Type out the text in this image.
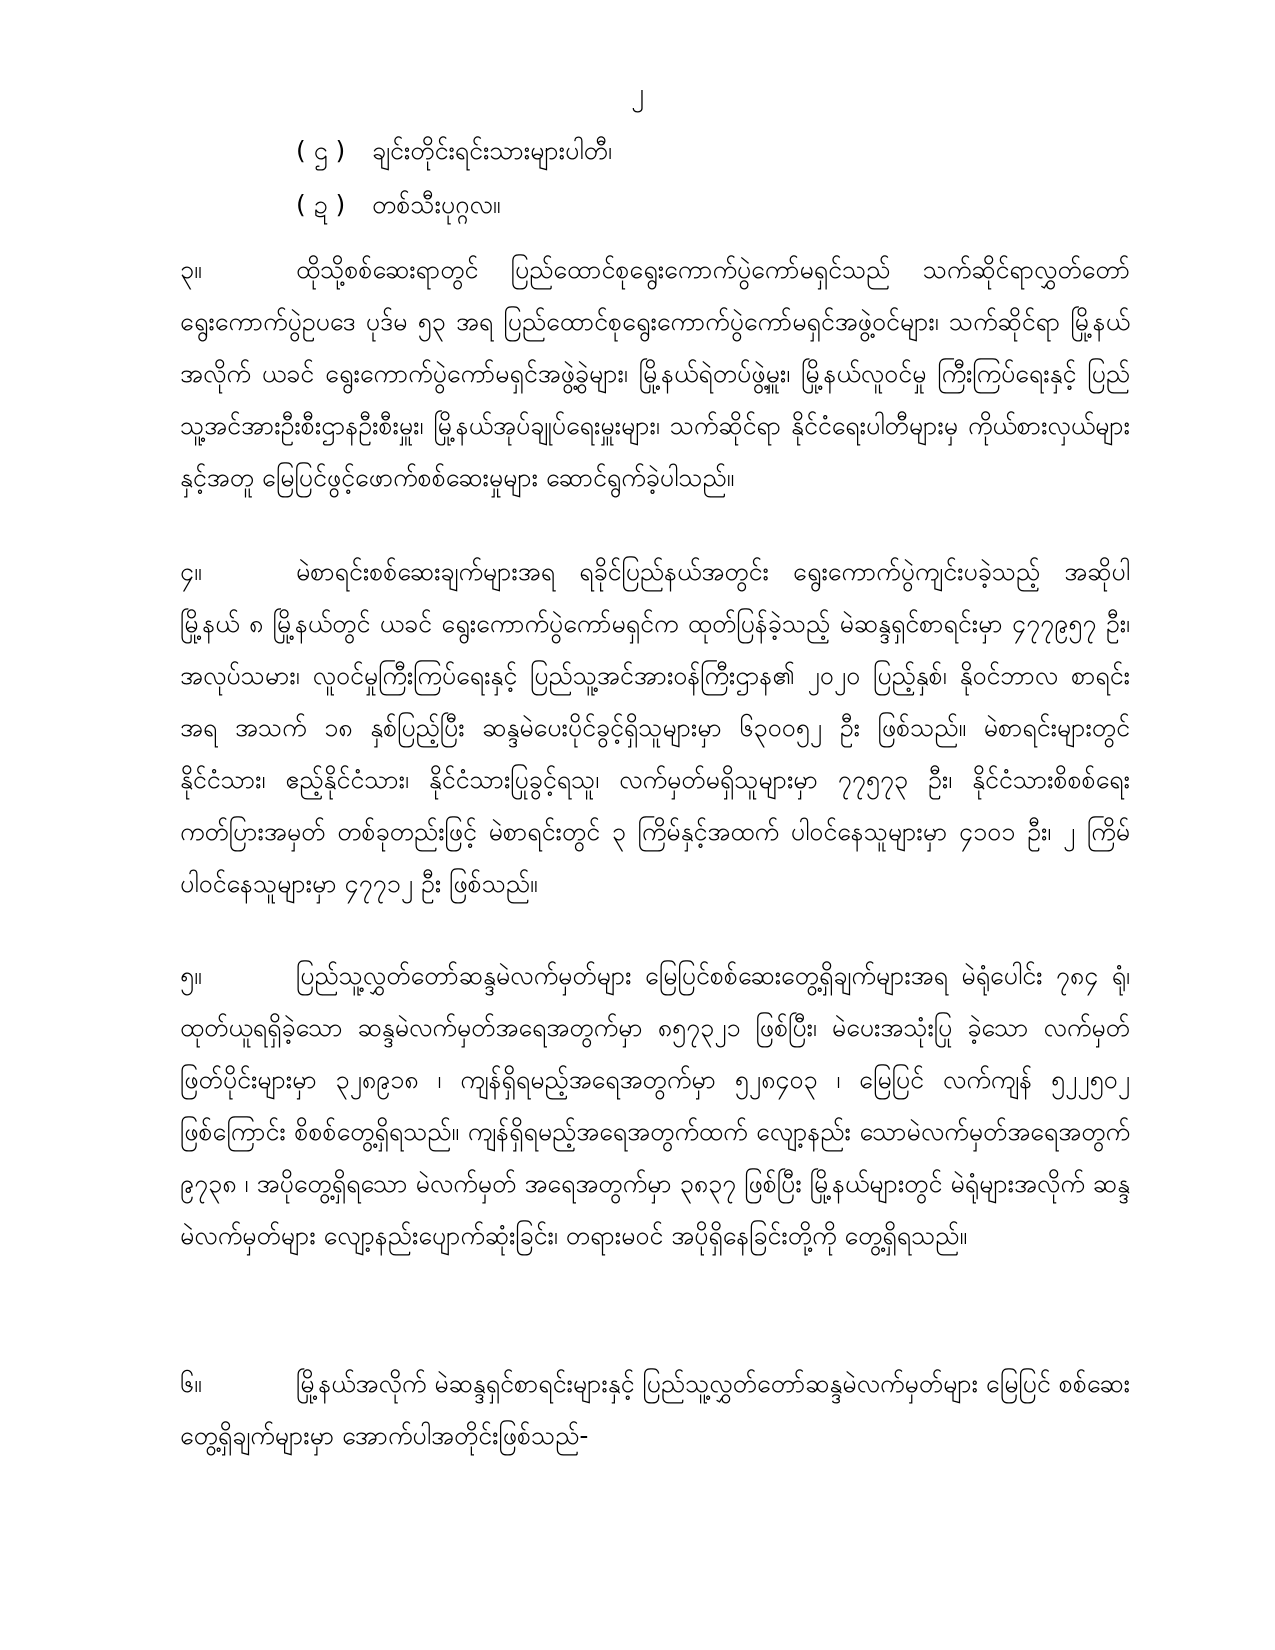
၂
( ဌ ) ချင်းတိုင်းရင်းသားများပါတီ၊
( ဍ ) တစ်သီးပုဂ္ဂလ။
၃။	ထိုသို့စစ်ဆေးရာတွင် ပြည်ထောင်စုရွေးကောက်ပွဲကော်မရှင်သည် သက်ဆိုင်ရာလွှတ်တော် ရွေးကောက်ပွဲဥပဒေ ပုဒ်မ ၅၃ အရ ပြည်ထောင်စုရွေးကောက်ပွဲကော်မရှင်အဖွဲ့ဝင်များ၊ သက်ဆိုင်ရာ မြို့နယ်အလိုက် ယခင် ရွေးကောက်ပွဲကော်မရှင်အဖွဲ့ခွဲများ၊ မြို့နယ်ရဲတပ်ဖွဲ့မှူး၊ မြို့နယ်လူဝင်မှု ကြီးကြပ်ရေးနှင့် ပြည်သူ့အင်အားဦးစီးဌာနဦးစီးမှူး၊ မြို့နယ်အုပ်ချုပ်ရေးမှူးများ၊ သက်ဆိုင်ရာ နိုင်ငံရေးပါတီများမှ ကိုယ်စားလှယ်များနှင့်အတူ မြေပြင်ဖွင့်ဖောက်စစ်ဆေးမှုများ ဆောင်ရွက်ခဲ့ပါသည်။
၄။	မဲစာရင်းစစ်ဆေးချက်များအရ ရခိုင်ပြည်နယ်အတွင်း ရွေးကောက်ပွဲကျင်းပခဲ့သည့် အဆိုပါ မြို့နယ် ၈ မြို့နယ်တွင် ယခင် ရွေးကောက်ပွဲကော်မရှင်က ထုတ်ပြန်ခဲ့သည့် မဲဆန္ဒရှင်စာရင်းမှာ ၄၇၇၉၅၇ ဦး၊ အလုပ်သမား၊ လူဝင်မှုကြီးကြပ်ရေးနှင့် ပြည်သူ့အင်အားဝန်ကြီးဌာန၏ ၂၀၂၀ ပြည့်နှစ်၊ နိုဝင်ဘာလ စာရင်းအရ အသက် ၁၈ နှစ်ပြည့်ပြီး ဆန္ဒမဲပေးပိုင်ခွင့်ရှိသူများမှာ ၆၃၀၀၅၂ ဦး ဖြစ်သည်။ မဲစာရင်းများတွင် နိုင်ငံသား၊ ဧည့်နိုင်ငံသား၊ နိုင်ငံသားပြုခွင့်ရသူ၊ လက်မှတ်မရှိသူများမှာ ၇၇၅၇၃ ဦး၊ နိုင်ငံသားစိစစ်ရေးကတ်ပြားအမှတ် တစ်ခုတည်းဖြင့် မဲစာရင်းတွင် ၃ ကြိမ်နှင့်အထက် ပါဝင်နေသူများမှာ ၄၁၀၁ ဦး၊ ၂ ကြိမ် ပါဝင်နေသူများမှာ ၄၇၇၁၂ ဦး ဖြစ်သည်။
၅။	ပြည်သူ့လွှတ်တော်ဆန္ဒမဲလက်မှတ်များ မြေပြင်စစ်ဆေးတွေ့ရှိချက်များအရ မဲရုံပေါင်း ၇၈၄ ရုံ၊ ထုတ်ယူရရှိခဲ့သော ဆန္ဒမဲလက်မှတ်အရေအတွက်မှာ ၈၅၇၃၂၁ ဖြစ်ပြီး၊ မဲပေးအသုံးပြု ခဲ့သော လက်မှတ်ဖြတ်ပိုင်းများမှာ ၃၂၈၉၁၈ ၊ ကျန်ရှိရမည့်အရေအတွက်မှာ ၅၂၈၄၀၃ ၊ မြေပြင် လက်ကျန် ၅၂၂၅၀၂ ဖြစ်ကြောင်း စိစစ်တွေ့ရှိရသည်။ ကျန်ရှိရမည့်အရေအတွက်ထက် လျော့နည်း သောမဲလက်မှတ်အရေအတွက် ၉၇၃၈ ၊ အပိုတွေ့ရှိရသော မဲလက်မှတ် အရေအတွက်မှာ ၃၈၃၇ ဖြစ်ပြီး မြို့နယ်များတွင် မဲရုံများအလိုက် ဆန္ဒမဲလက်မှတ်များ လျော့နည်းပျောက်ဆုံးခြင်း၊ တရားမဝင် အပိုရှိနေခြင်းတို့ကို တွေ့ရှိရသည်။
၆။	မြို့နယ်အလိုက် မဲဆန္ဒရှင်စာရင်းများနှင့် ပြည်သူ့လွှတ်တော်ဆန္ဒမဲလက်မှတ်များ မြေပြင် စစ်ဆေးတွေ့ရှိချက်များမှာ အောက်ပါအတိုင်းဖြစ်သည်-
